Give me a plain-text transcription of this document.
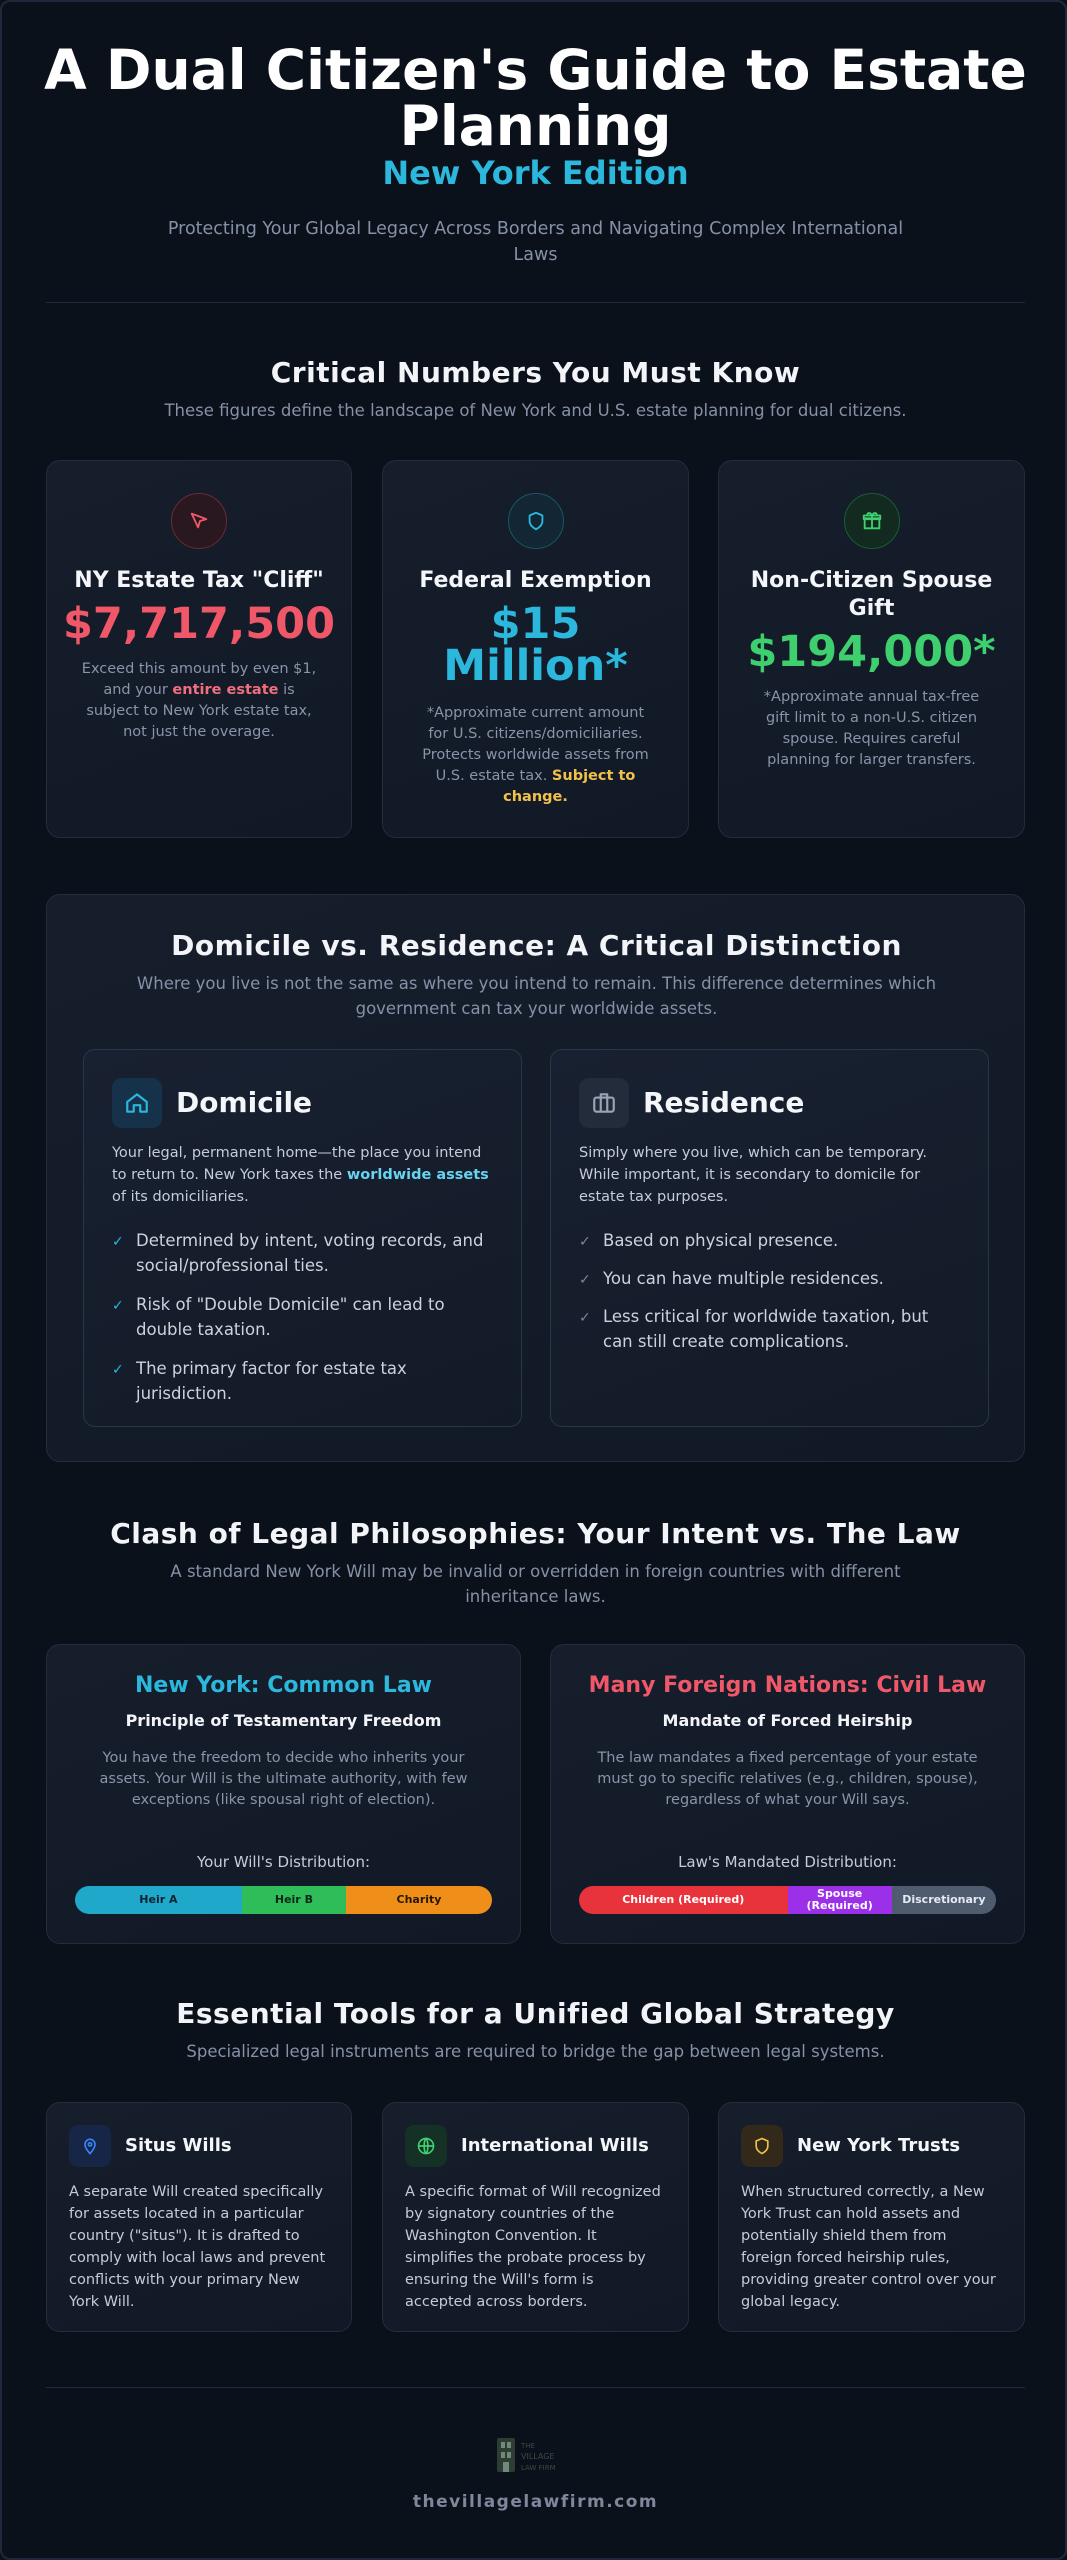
A Dual Citizen's Guide to Estate Planning
New York Edition
Protecting Your Global Legacy Across Borders and Navigating Complex International Laws
Critical Numbers You Must Know
These figures define the landscape of New York and U.S. estate planning for dual citizens.
NY Estate Tax "Cliff"
$7,717,500
Exceed this amount by even $1, and your entire estate is subject to New York estate tax, not just the overage.
Federal Exemption
$15 Million*
*Approximate current amount for U.S. citizens/domiciliaries. Protects worldwide assets from U.S. estate tax. Subject to change.
Non-Citizen Spouse Gift
$194,000*
*Approximate annual tax-free gift limit to a non-U.S. citizen spouse. Requires careful planning for larger transfers.
Domicile vs. Residence: A Critical Distinction
Where you live is not the same as where you intend to remain. This difference determines which government can tax your worldwide assets.
Domicile
Your legal, permanent home—the place you intend to return to. New York taxes the worldwide assets of its domiciliaries.
✓ Determined by intent, voting records, and social/professional ties.
✓ Risk of "Double Domicile" can lead to double taxation.
✓ The primary factor for estate tax jurisdiction.
Residence
Simply where you live, which can be temporary. While important, it is secondary to domicile for estate tax purposes.
✓ Based on physical presence.
✓ You can have multiple residences.
✓ Less critical for worldwide taxation, but can still create complications.
Clash of Legal Philosophies: Your Intent vs. The Law
A standard New York Will may be invalid or overridden in foreign countries with different inheritance laws.
New York: Common Law
Principle of Testamentary Freedom
You have the freedom to decide who inherits your assets. Your Will is the ultimate authority, with few exceptions (like spousal right of election).
Your Will's Distribution:
Heir A	Heir B	Charity
Many Foreign Nations: Civil Law
Mandate of Forced Heirship
The law mandates a fixed percentage of your estate must go to specific relatives (e.g., children, spouse), regardless of what your Will says.
Law's Mandated Distribution:
Children (Required)	Spouse (Required)	Discretionary
Essential Tools for a Unified Global Strategy
Specialized legal instruments are required to bridge the gap between legal systems.
Situs Wills
A separate Will created specifically for assets located in a particular country ("situs"). It is drafted to comply with local laws and prevent conflicts with your primary New York Will.
International Wills
A specific format of Will recognized by signatory countries of the Washington Convention. It simplifies the probate process by ensuring the Will's form is accepted across borders.
New York Trusts
When structured correctly, a New York Trust can hold assets and potentially shield them from foreign forced heirship rules, providing greater control over your global legacy.
THE
VILLAGE
LAW FIRM
thevillagelawfirm.com
